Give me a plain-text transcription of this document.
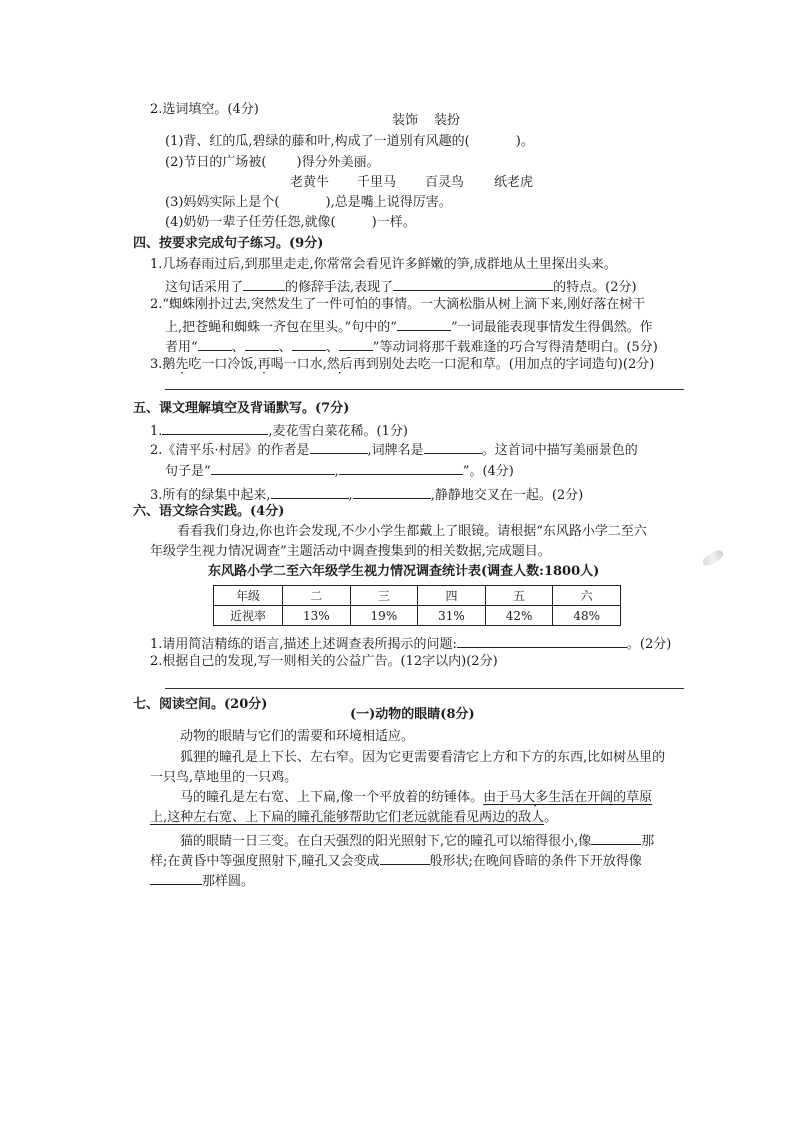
2.选词填空。(4分)
装饰 装扮
(1)背、红的瓜,碧绿的藤和叶,构成了一道别有风趣的(	)。
(2)节日的广场被( )得分外美丽。
老黄牛 千里马 百灵鸟 纸老虎
(3)妈妈实际上是个(	),总是嘴上说得厉害。
(4)奶奶一辈子任劳任怨,就像(	)一样。
四、按要求完成句子练习。(9分)
1.几场春雨过后,到那里走走,你常常会看见许多鲜嫩的笋,成群地从土里探出头来。
这句话采用了	的修辞手法,表现了	的特点。(2分)
2.“蜘蛛刚扑过去,突然发生了一件可怕的事情。一大滴松脂从树上滴下来,刚好落在树干
上,把苍蝇和蜘蛛一齐包在里头。”句中的“	”一词最能表现事情发生得偶然。作
者用“	、	、	、	”等动词将那千载难逢的巧合写得清楚明白。(5分)
3.鹅先吃一口冷饭,再喝一口水,然后再到别处去吃一口泥和草。(用加点的字词造句)(2分)
五、课文理解填空及背诵默写。(7分)
1.	,麦花雪白菜花稀。(1分)
2.《清平乐·村居》的作者是	,词牌名是	。这首词中描写美丽景色的
句子是“	,	”。(4分)
3.所有的绿集中起来,	,	,静静地交叉在一起。(2分)
六、语文综合实践。(4分)
看看我们身边,你也许会发现,不少小学生都戴上了眼镜。请根据“东风路小学二至六
年级学生视力情况调查”主题活动中调查搜集到的相关数据,完成题目。
东风路小学二至六年级学生视力情况调查统计表(调查人数:1800人)
年级	二	三	四	五	六
近视率	13%	19%	31%	42%	48%
1.请用简洁精练的语言,描述上述调查表所揭示的问题:	。(2分)
2.根据自己的发现,写一则相关的公益广告。(12字以内)(2分)
七、阅读空间。(20分)
(一)动物的眼睛(8分)
动物的眼睛与它们的需要和环境相适应。
狐狸的瞳孔是上下长、左右窄。因为它更需要看清它上方和下方的东西,比如树丛里的
一只鸟,草地里的一只鸡。
马的瞳孔是左右宽、上下扁,像一个平放着的纺锤体。由于马大多生活在开阔的草原
上,这种左右宽、上下扁的瞳孔能够帮助它们老远就能看见两边的敌人。
猫的眼睛一日三变。在白天强烈的阳光照射下,它的瞳孔可以缩得很小,像	那
样;在黄昏中等强度照射下,瞳孔又会变成	般形状;在晚间昏暗的条件下开放得像
那样圆。
